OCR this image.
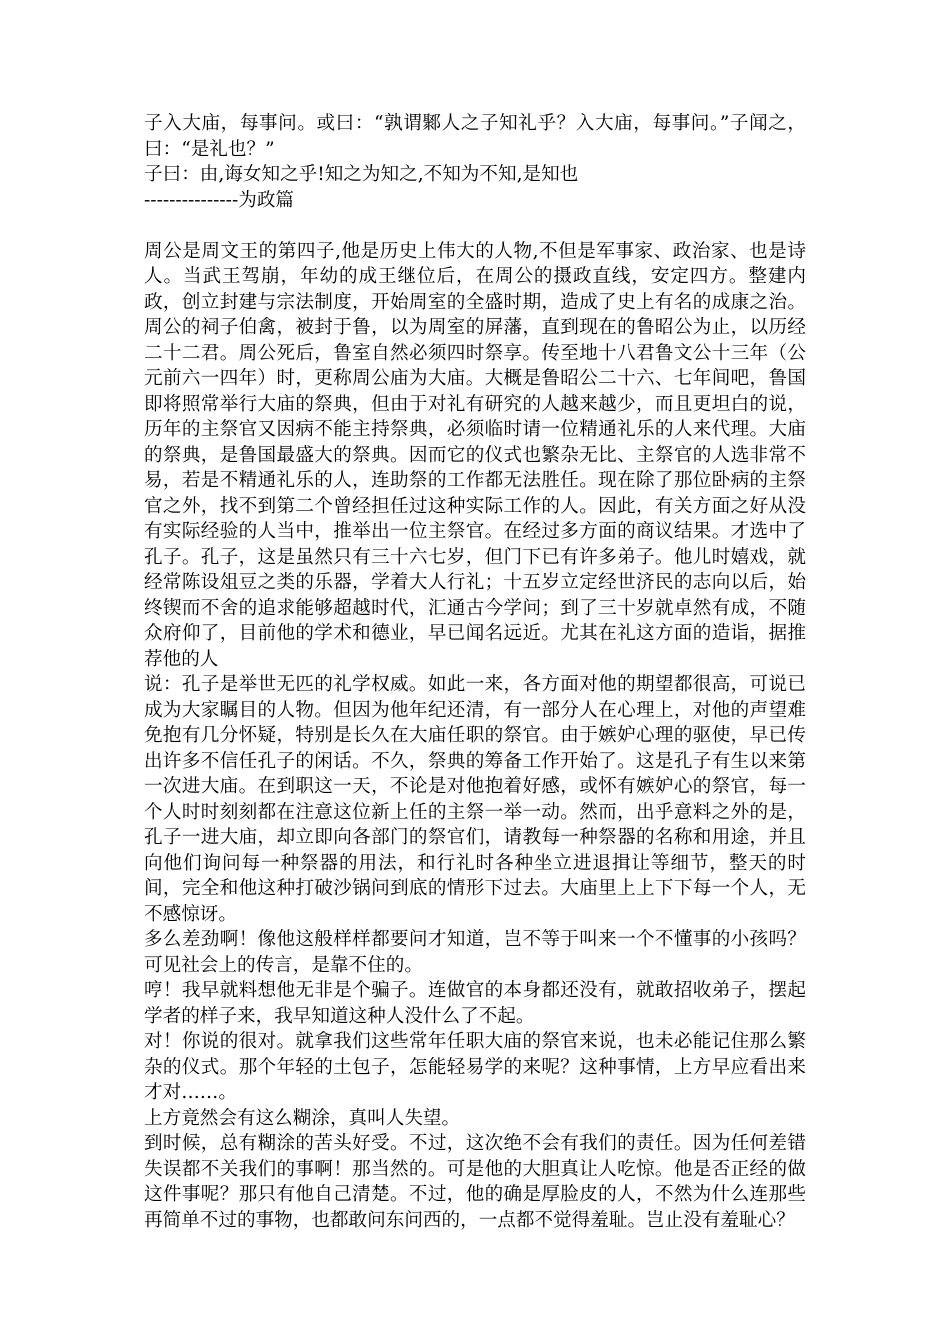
子入大庙，每事问。或曰：“孰谓鄹人之子知礼乎？入大庙，每事问。”子闻之，曰：“是礼也？”

子曰：由,诲女知之乎!知之为知之,不知为不知,是知也

---------------为政篇

周公是周文王的第四子,他是历史上伟大的人物,不但是军事家、政治家、也是诗人。当武王驾崩，年幼的成王继位后，在周公的摄政直线，安定四方。整建内政，创立封建与宗法制度，开始周室的全盛时期，造成了史上有名的成康之治。周公的祠子伯禽，被封于鲁，以为周室的屏藩，直到现在的鲁昭公为止，以历经二十二君。周公死后，鲁室自然必须四时祭享。传至地十八君鲁文公十三年（公元前六一四年）时，更称周公庙为大庙。大概是鲁昭公二十六、七年间吧，鲁国即将照常举行大庙的祭典，但由于对礼有研究的人越来越少，而且更坦白的说，历年的主祭官又因病不能主持祭典，必须临时请一位精通礼乐的人来代理。大庙的祭典，是鲁国最盛大的祭典。因而它的仪式也繁杂无比、主祭官的人选非常不易，若是不精通礼乐的人，连助祭的工作都无法胜任。现在除了那位卧病的主祭官之外，找不到第二个曾经担任过这种实际工作的人。因此，有关方面之好从没有实际经验的人当中，推举出一位主祭官。在经过多方面的商议结果。才选中了孔子。孔子，这是虽然只有三十六七岁，但门下已有许多弟子。他儿时嬉戏，就经常陈设俎豆之类的乐器，学着大人行礼；十五岁立定经世济民的志向以后，始终锲而不舍的追求能够超越时代，汇通古今学问；到了三十岁就卓然有成，不随众府仰了，目前他的学术和德业，早已闻名远近。尤其在礼这方面的造诣，据推荐他的人

说：孔子是举世无匹的礼学权威。如此一来，各方面对他的期望都很高，可说已成为大家瞩目的人物。但因为他年纪还清，有一部分人在心理上，对他的声望难免抱有几分怀疑，特别是长久在大庙任职的祭官。由于嫉妒心理的驱使，早已传出许多不信任孔子的闲话。不久，祭典的筹备工作开始了。这是孔子有生以来第一次进大庙。在到职这一天，不论是对他抱着好感，或怀有嫉妒心的祭官，每一个人时时刻刻都在注意这位新上任的主祭一举一动。然而，出乎意料之外的是，孔子一进大庙，却立即向各部门的祭官们，请教每一种祭器的名称和用途，并且向他们询问每一种祭器的用法，和行礼时各种坐立进退揖让等细节，整天的时间，完全和他这种打破沙锅问到底的情形下过去。大庙里上上下下每一个人，无不感惊讶。

多么差劲啊！像他这般样样都要问才知道，岂不等于叫来一个不懂事的小孩吗？可见社会上的传言，是靠不住的。

哼！我早就料想他无非是个骗子。连做官的本身都还没有，就敢招收弟子，摆起学者的样子来，我早知道这种人没什么了不起。

对！你说的很对。就拿我们这些常年任职大庙的祭官来说，也未必能记住那么繁杂的仪式。那个年轻的土包子，怎能轻易学的来呢？这种事情，上方早应看出来才对……。

上方竟然会有这么糊涂，真叫人失望。

到时候，总有糊涂的苦头好受。不过，这次绝不会有我们的责任。因为任何差错失误都不关我们的事啊！那当然的。可是他的大胆真让人吃惊。他是否正经的做这件事呢？那只有他自己清楚。不过，他的确是厚脸皮的人，不然为什么连那些再简单不过的事物，也都敢问东问西的，一点都不觉得羞耻。岂止没有羞耻心？
